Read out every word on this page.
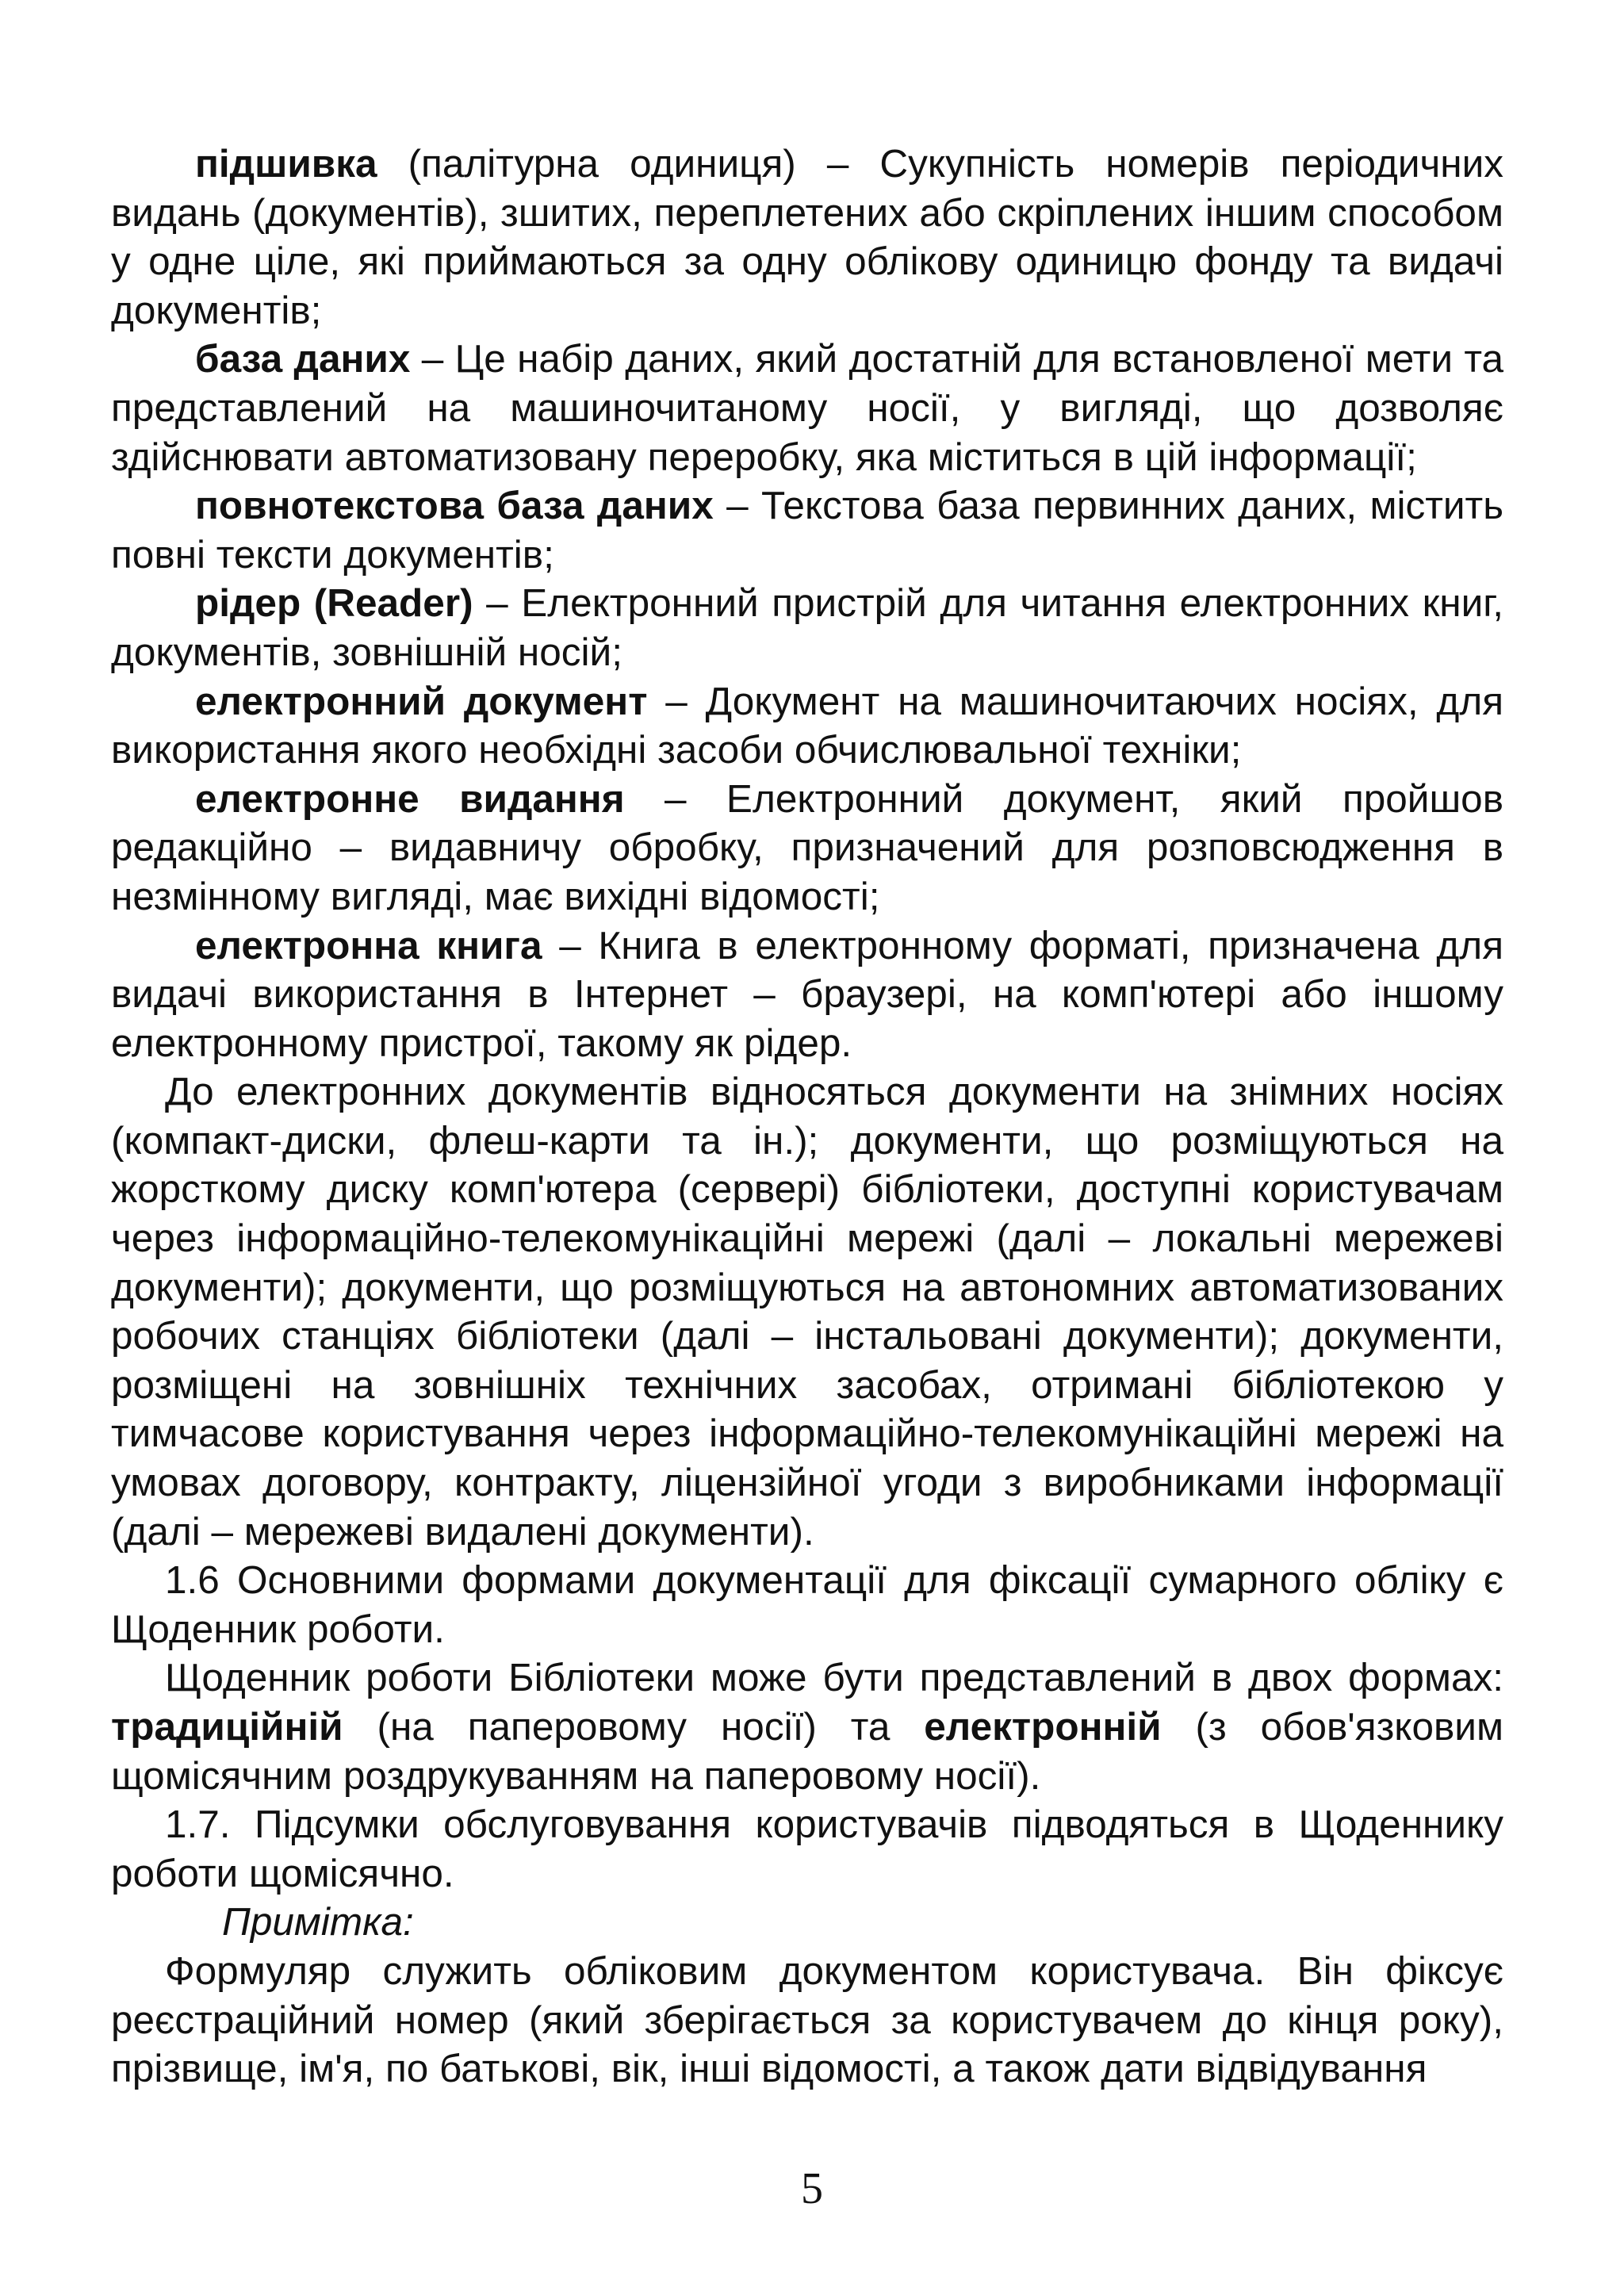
підшивка (палітурна одиниця) – Сукупність номерів періодичних видань (документів), зшитих, переплетених або скріплених іншим способом у одне ціле, які приймаються за одну облікову одиницю фонду та видачі документів;

база даних – Це набір даних, який достатній для встановленої мети та представлений на машиночитаному носії, у вигляді, що дозволяє здійснювати автоматизовану переробку, яка міститься в цій інформації;

повнотекстова база даних – Текстова база первинних даних, містить повні тексти документів;

рідер (Reader) – Електронний пристрій для читання електронних книг, документів, зовнішній носій;

електронний документ – Документ на машиночитаючих носіях, для використання якого необхідні засоби обчислювальної техніки;

електронне видання – Електронний документ, який пройшов редакційно – видавничу обробку, призначений для розповсюдження в незмінному вигляді, має вихідні відомості;

електронна книга – Книга в електронному форматі, призначена для видачі використання в Інтернет – браузері, на комп'ютері або іншому електронному пристрої, такому як рідер.

До електронних документів відносяться документи на знімних носіях (компакт-диски, флеш-карти та ін.); документи, що розміщуються на жорсткому диску комп'ютера (сервері) бібліотеки, доступні користувачам через інформаційно-телекомунікаційні мережі (далі – локальні мережеві документи); документи, що розміщуються на автономних автоматизованих робочих станціях бібліотеки (далі – інстальовані документи); документи, розміщені на зовнішніх технічних засобах, отримані бібліотекою у тимчасове користування через інформаційно-телекомунікаційні мережі на умовах договору, контракту, ліцензійної угоди з виробниками інформації (далі – мережеві видалені документи).

1.6 Основними формами документації для фіксації сумарного обліку є Щоденник роботи.

Щоденник роботи Бібліотеки може бути представлений в двох формах: традиційній (на паперовому носії) та електронній (з обов'язковим щомісячним роздрукуванням на паперовому носії).

1.7. Підсумки обслуговування користувачів підводяться в Щоденнику роботи щомісячно.

Примітка:

Формуляр служить обліковим документом користувача. Він фіксує реєстраційний номер (який зберігається за користувачем до кінця року), прізвище, ім'я, по батькові, вік, інші відомості, а також дати відвідування

5
